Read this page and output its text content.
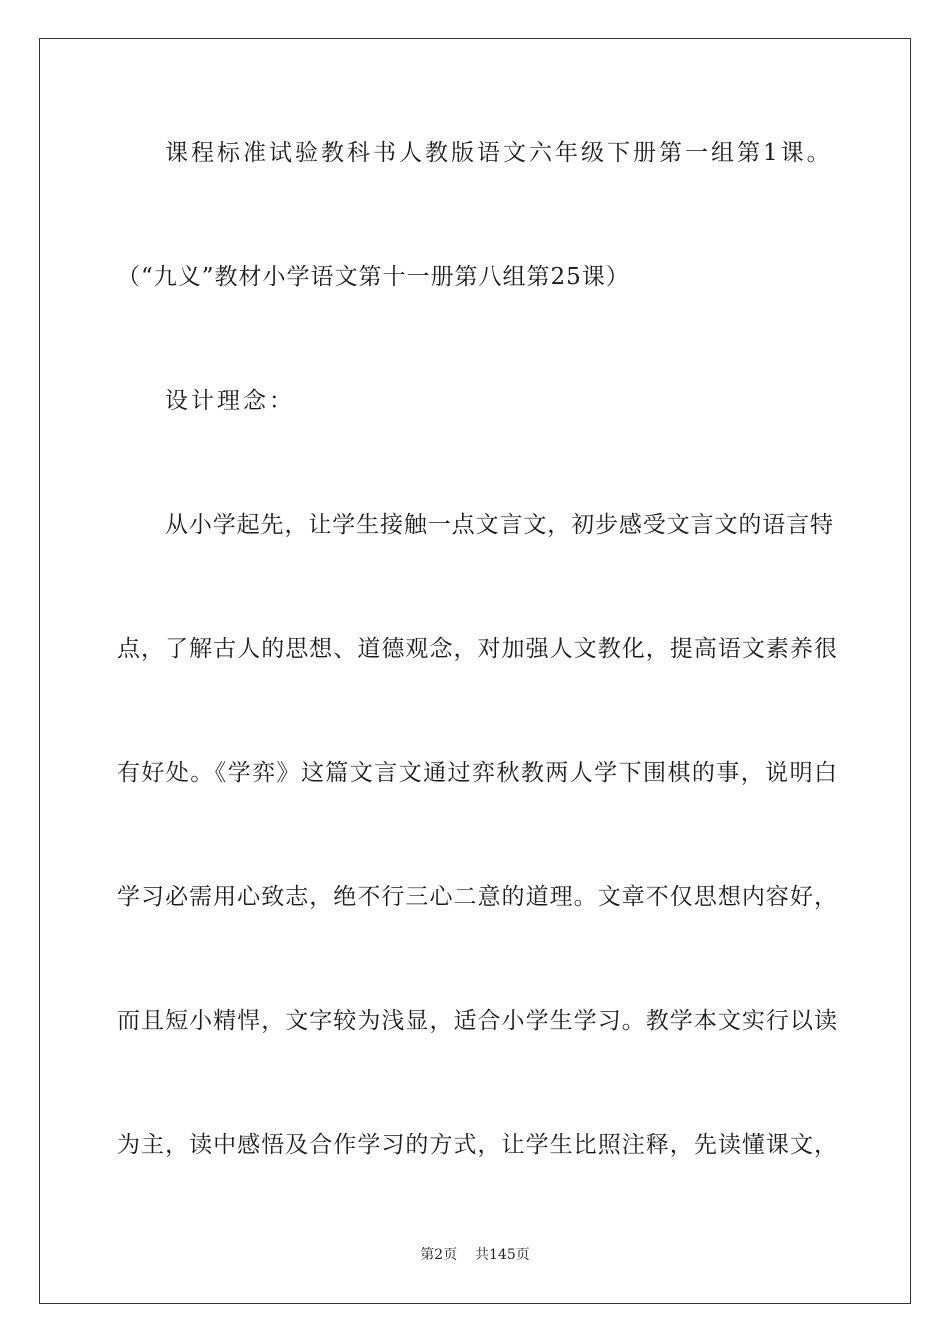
课程标准试验教科书人教版语文六年级下册第一组第1课。
（“九义”教材小学语文第十一册第八组第25课）
设计理念：
从小学起先，让学生接触一点文言文，初步感受文言文的语言特
点，了解古人的思想、道德观念，对加强人文教化，提高语文素养很
有好处。《学弈》这篇文言文通过弈秋教两人学下围棋的事，说明白
学习必需用心致志，绝不行三心二意的道理。文章不仅思想内容好，
而且短小精悍，文字较为浅显，适合小学生学习。教学本文实行以读
为主，读中感悟及合作学习的方式，让学生比照注释，先读懂课文，
第2页 共145页
